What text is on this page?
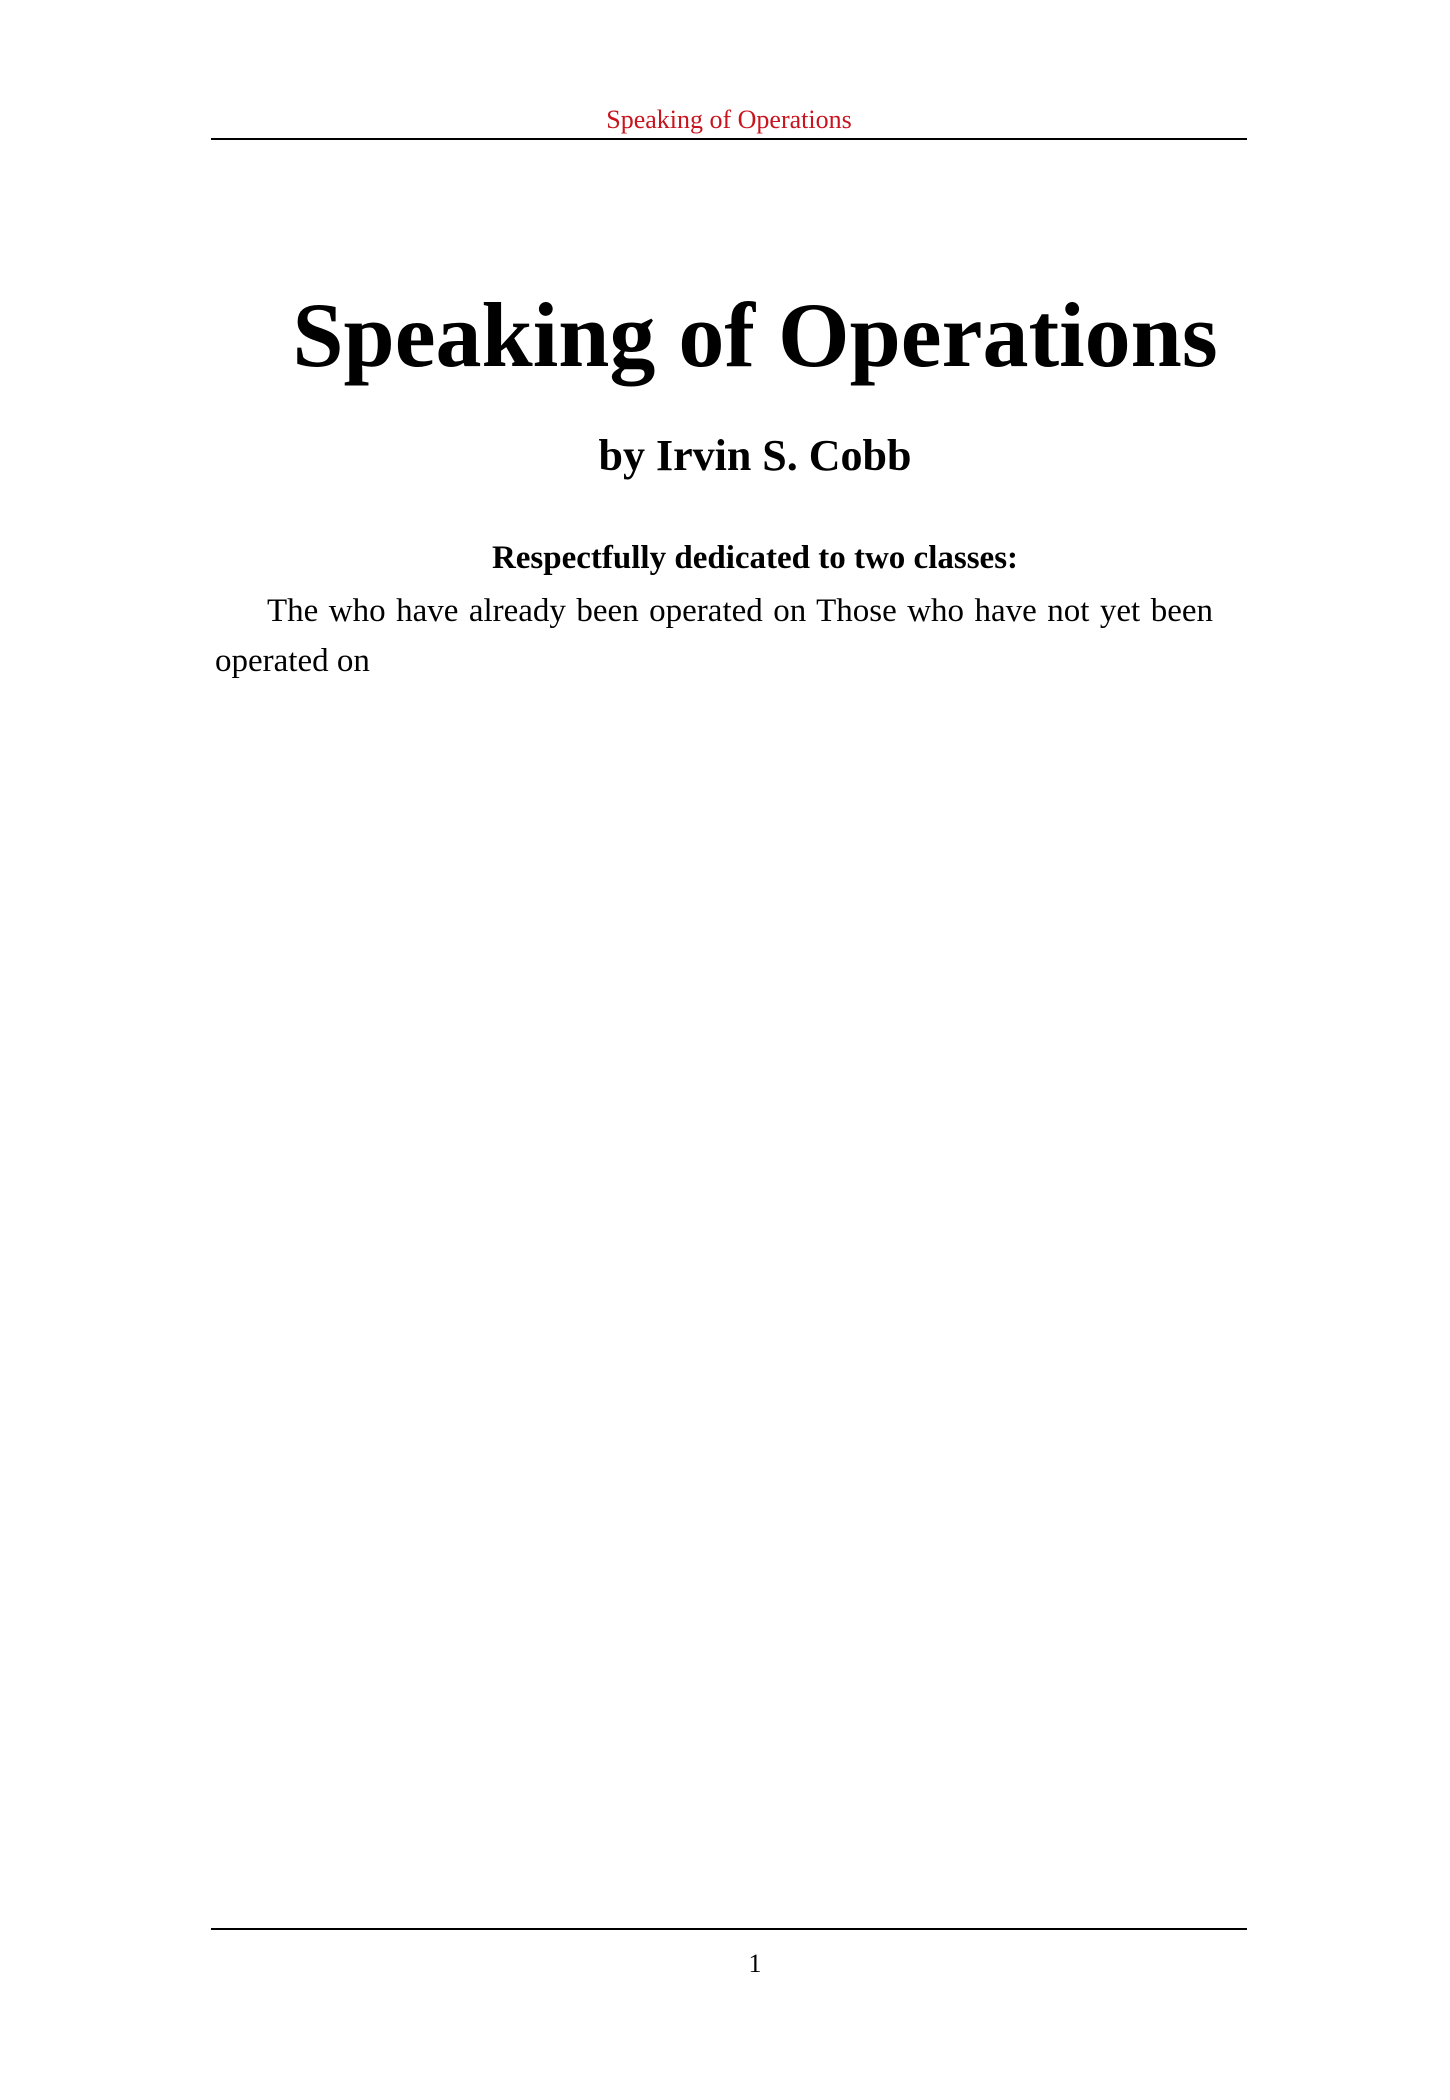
Speaking of Operations
Speaking of Operations
by Irvin S. Cobb
Respectfully dedicated to two classes:

The who have already been operated on Those who have not yet been operated on

1
